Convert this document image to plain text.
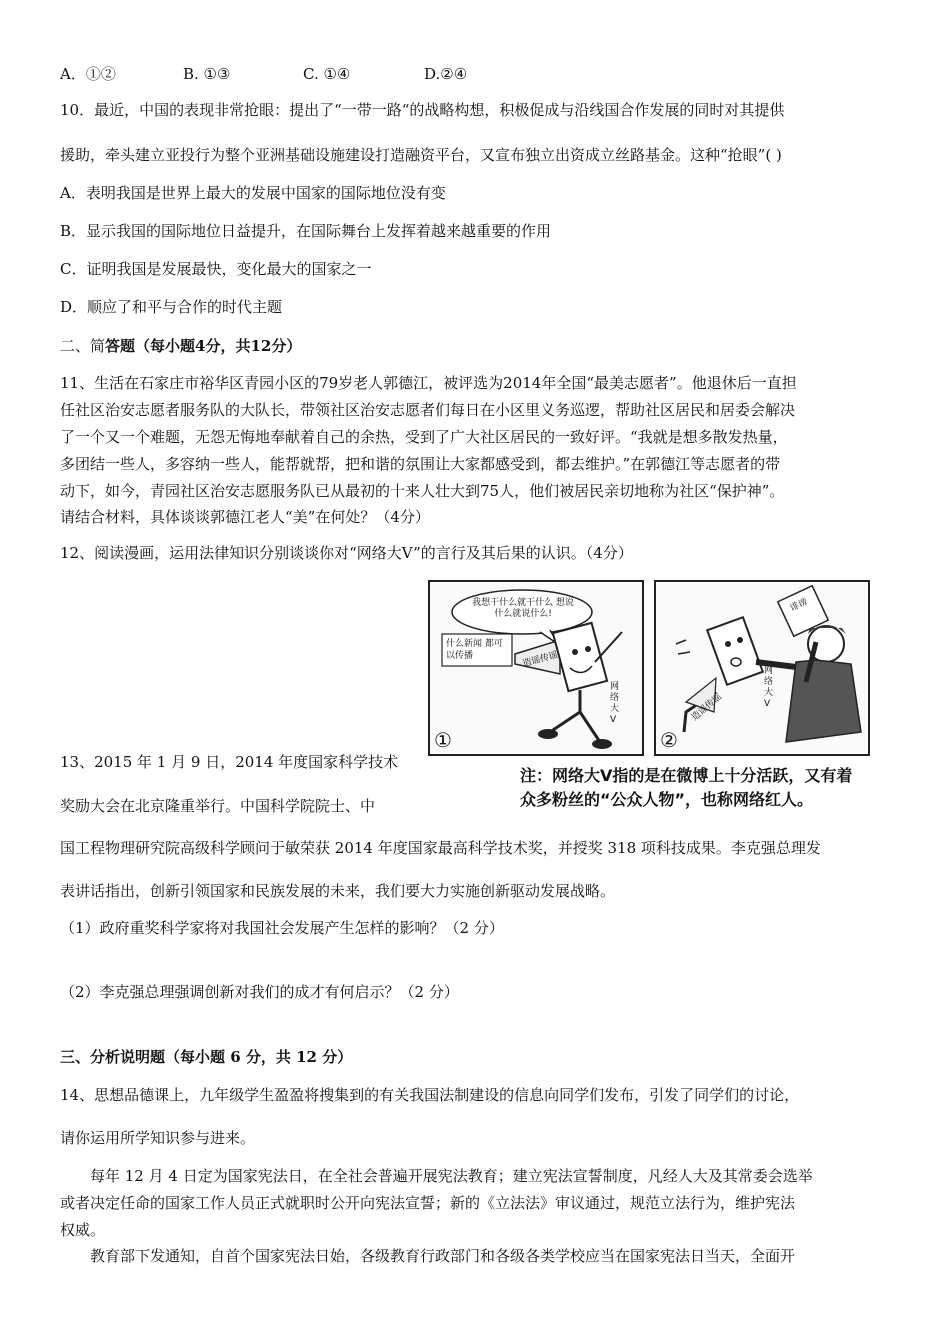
A．①②	B. ①③	C. ①④	D.②④
10．最近，中国的表现非常抢眼：提出了“一带一路“的战略构想，积极促成与沿线国合作发展的同时对其提供
援助，牵头建立亚投行为整个亚洲基础设施建设打造融资平台，又宣布独立出资成立丝路基金。这种“抢眼”( )
A．表明我国是世界上最大的发展中国家的国际地位没有变
B．显示我国的国际地位日益提升，在国际舞台上发挥着越来越重要的作用
C．证明我国是发展最快，变化最大的国家之一
D．顺应了和平与合作的时代主题
二、简答题（每小题4分，共12分）
11、生活在石家庄市裕华区青园小区的79岁老人郭德江，被评选为2014年全国“最美志愿者”。他退休后一直担
任社区治安志愿者服务队的大队长，带领社区治安志愿者们每日在小区里义务巡逻，帮助社区居民和居委会解决
了一个又一个难题，无怨无悔地奉献着自己的余热，受到了广大社区居民的一致好评。“我就是想多散发热量，
多团结一些人，多容纳一些人，能帮就帮，把和谐的氛围让大家都感受到，都去维护。”在郭德江等志愿者的带
动下，如今，青园社区治安志愿服务队已从最初的十来人壮大到75人，他们被居民亲切地称为社区“保护神”。
请结合材料，具体谈谈郭德江老人“美”在何处？（4分）
12、阅读漫画，运用法律知识分别谈谈你对“网络大V”的言行及其后果的认识。（4分）
我想干什么就干什么 想说什么就说什么!
什么新闻 都可以传播	造谣传谣
网络大V
①
诽谤
网络大V
造谣传谣
②
注：网络大V指的是在微博上十分活跃，又有着
众多粉丝的“公众人物”，也称网络红人。
13、2015 年 1 月 9 日，2014 年度国家科学技术
奖励大会在北京隆重举行。中国科学院院士、中
国工程物理研究院高级科学顾问于敏荣获 2014 年度国家最高科学技术奖，并授奖 318 项科技成果。李克强总理发
表讲话指出，创新引领国家和民族发展的未来，我们要大力实施创新驱动发展战略。
（1）政府重奖科学家将对我国社会发展产生怎样的影响？（2 分）
（2）李克强总理强调创新对我们的成才有何启示？（2 分）
三、分析说明题（每小题 6 分，共 12 分）
14、思想品德课上，九年级学生盈盈将搜集到的有关我国法制建设的信息向同学们发布，引发了同学们的讨论，
请你运用所学知识参与进来。
每年 12 月 4 日定为国家宪法日，在全社会普遍开展宪法教育；建立宪法宣誓制度，凡经人大及其常委会选举
或者决定任命的国家工作人员正式就职时公开向宪法宣誓；新的《立法法》审议通过，规范立法行为，维护宪法
权威。
教育部下发通知，自首个国家宪法日始，各级教育行政部门和各级各类学校应当在国家宪法日当天，全面开
